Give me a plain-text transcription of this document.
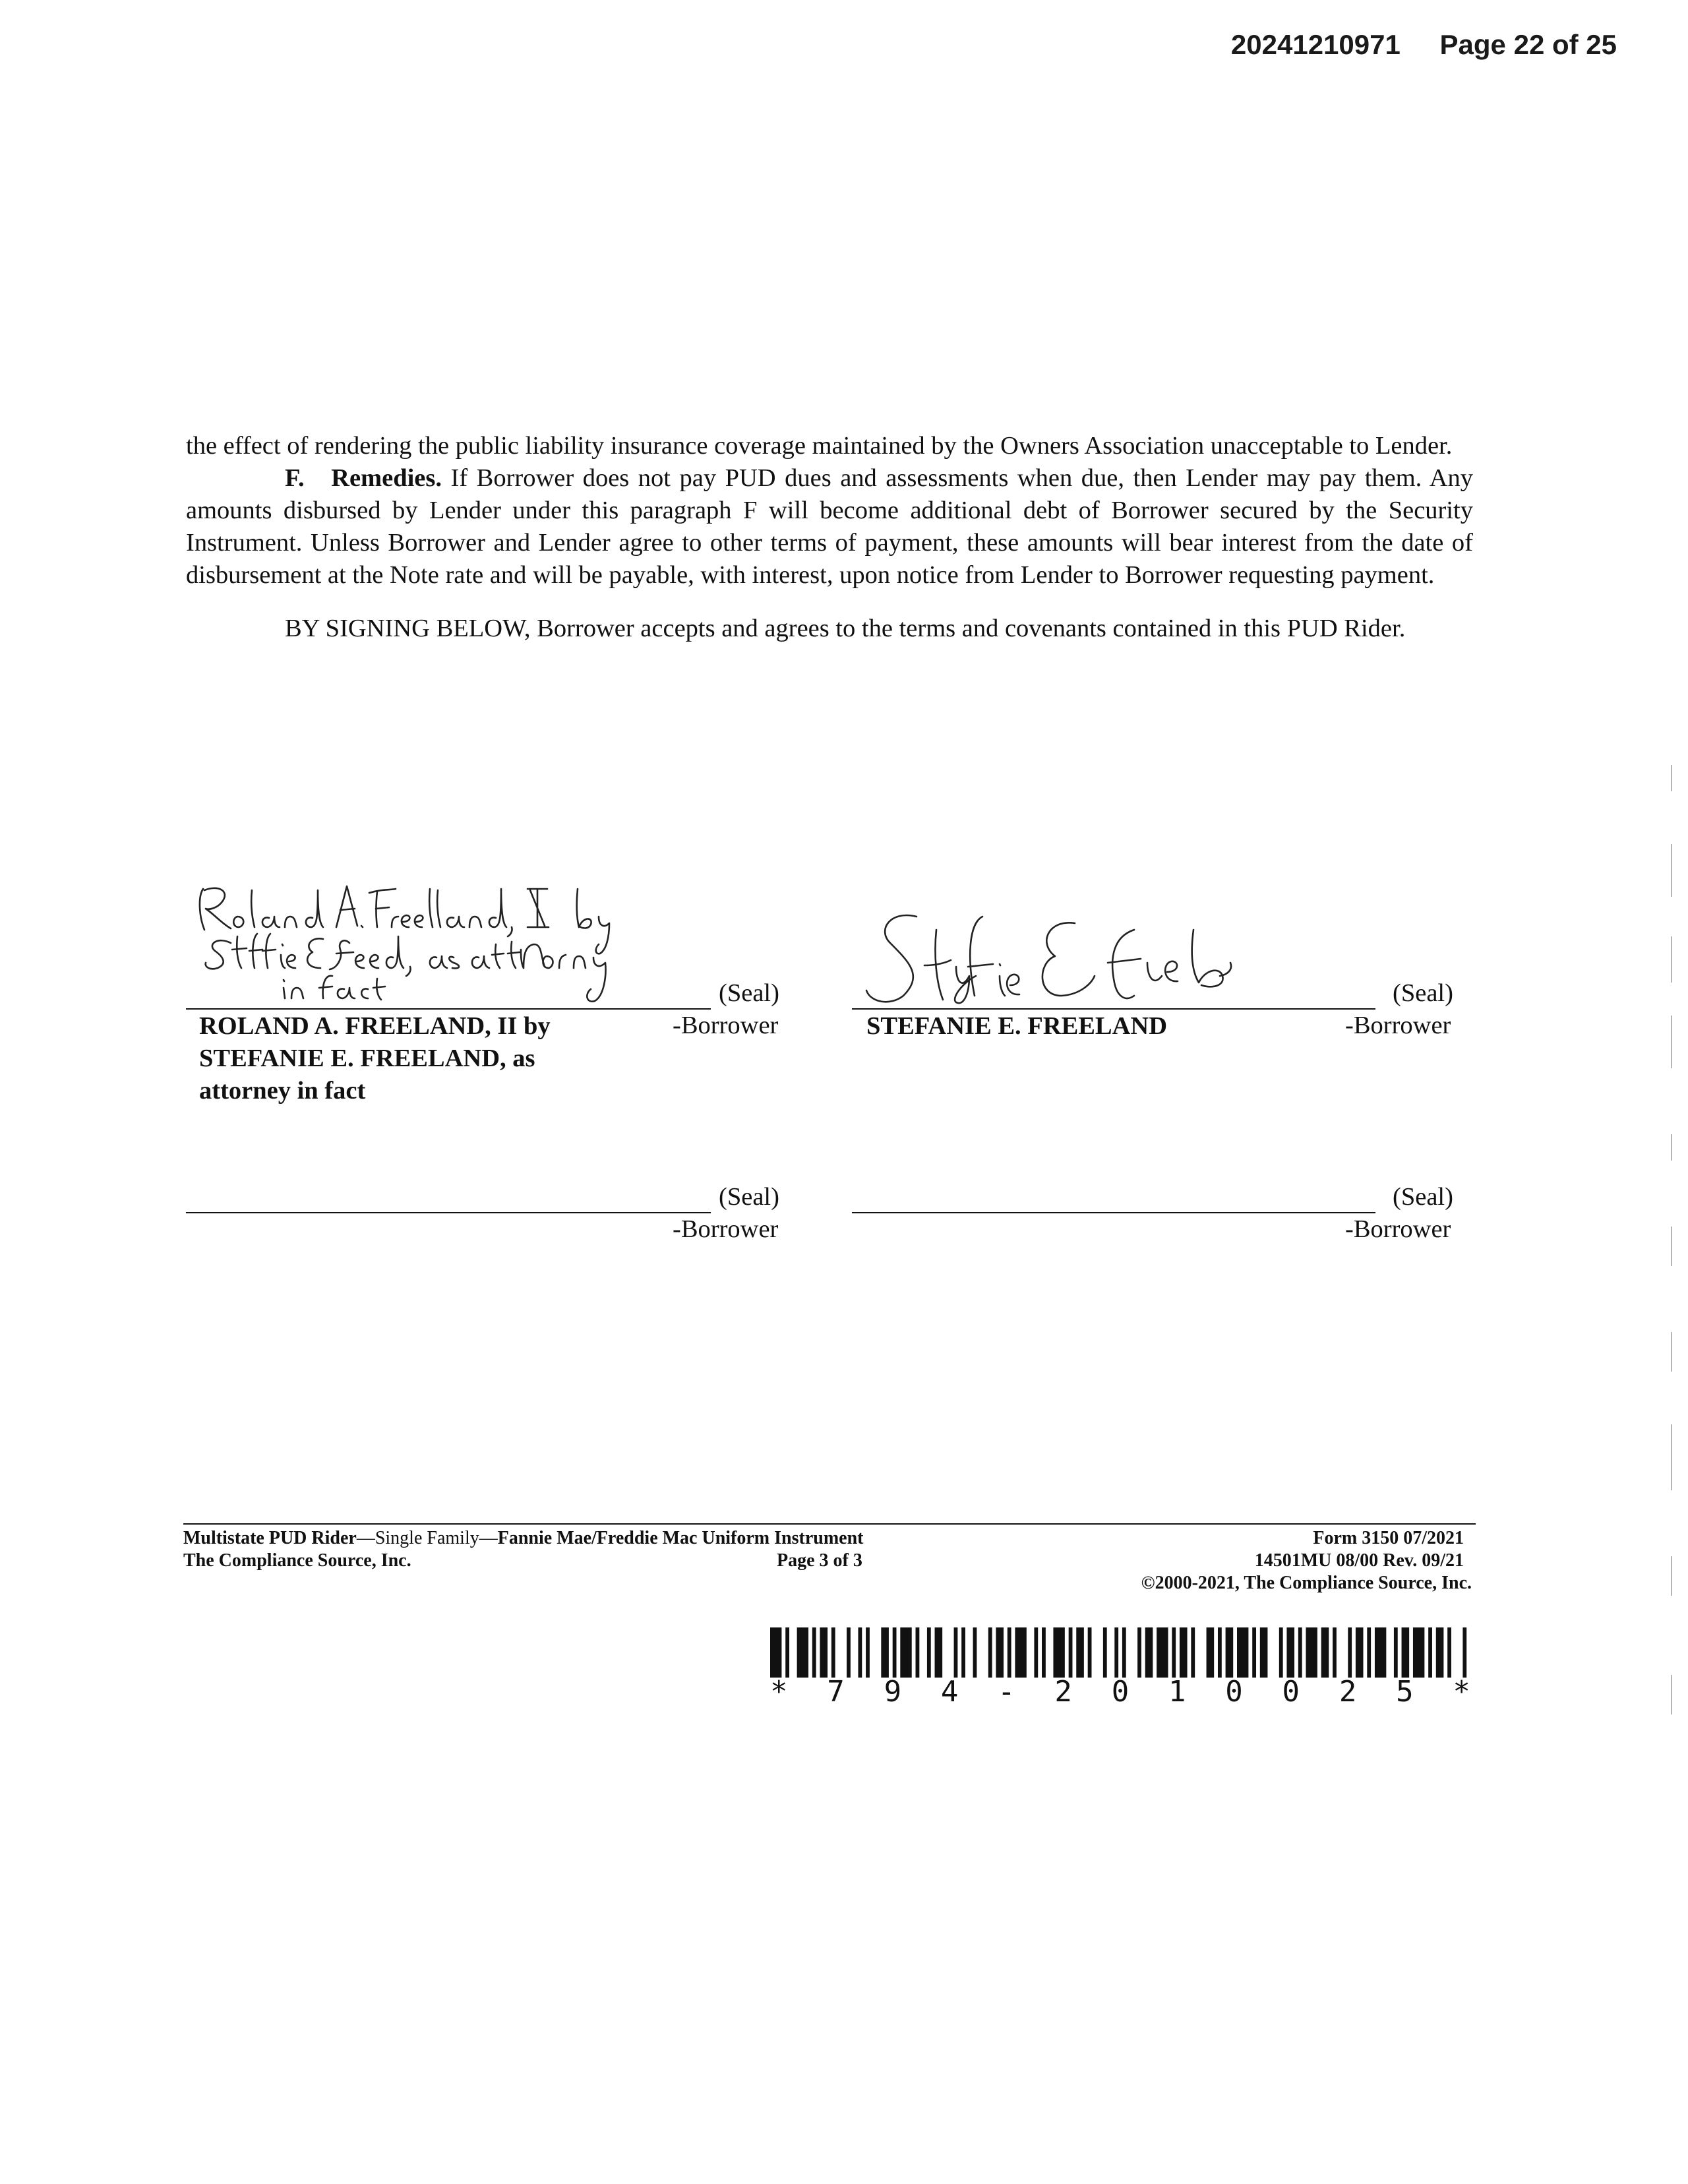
20241210971 Page 22 of 25

the effect of rendering the public liability insurance coverage maintained by the Owners Association unacceptable to Lender.

F. Remedies. If Borrower does not pay PUD dues and assessments when due, then Lender may pay them. Any amounts disbursed by Lender under this paragraph F will become additional debt of Borrower secured by the Security Instrument. Unless Borrower and Lender agree to other terms of payment, these amounts will bear interest from the date of disbursement at the Note rate and will be payable, with interest, upon notice from Lender to Borrower requesting payment.

BY SIGNING BELOW, Borrower accepts and agrees to the terms and covenants contained in this PUD Rider.

(Seal)
-Borrower
ROLAND A. FREELAND, II by
STEFANIE E. FREELAND, as
attorney in fact
(Seal)
-Borrower
STEFANIE E. FREELAND
(Seal)
-Borrower
(Seal)
-Borrower
Multistate PUD Rider—Single Family—Fannie Mae/Freddie Mac Uniform Instrument	Form 3150 07/2021
The Compliance Source, Inc.	Page 3 of 3	14501MU 08/00 Rev. 09/21
©2000-2021, The Compliance Source, Inc.
* 7 9 4 - 2 0 1 0 0 2 5 *
